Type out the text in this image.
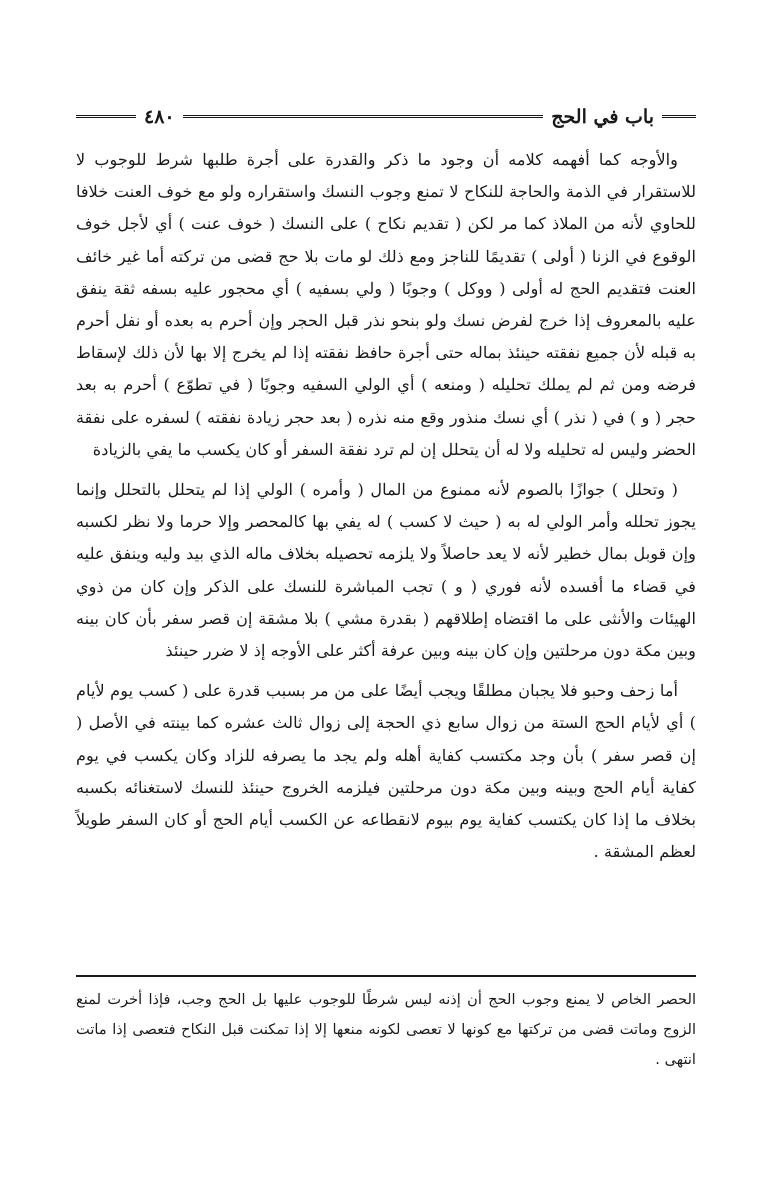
باب في الحج
٤٨٠

والأوجه كما أفهمه كلامه أن وجود ما ذكر والقدرة على أجرة طلبها شرط للوجوب لا للاستقرار في الذمة والحاجة للنكاح لا تمنع وجوب النسك واستقراره ولو مع خوف العنت خلافا للحاوي لأنه من الملاذ كما مر لكن ( تقديم نكاح ) على النسك ( خوف عنت ) أي لأجل خوف الوقوع في الزنا ( أولى ) تقديمًا للناجز ومع ذلك لو مات بلا حج قضى من تركته أما غير خائف العنت فتقديم الحج له أولى ( ووكل ) وجوبًا ( ولي بسفيه ) أي محجور عليه بسفه ثقة ينفق عليه بالمعروف إذا خرج لفرض نسك ولو بنحو نذر قبل الحجر وإن أحرم به بعده أو نفل أحرم به قبله لأن جميع نفقته حينئذ بماله حتى أجرة حافظ نفقته إذا لم يخرج إلا بها لأن ذلك لإسقاط فرضه ومن ثم لم يملك تحليله ( ومنعه ) أي الولي السفيه وجوبًا ( في تطوّع ) أحرم به بعد حجر ( و ) في ( نذر ) أي نسك منذور وقع منه نذره ( بعد حجر زيادة نفقته ) لسفره على نفقة الحضر وليس له تحليله ولا له أن يتحلل إن لم ترد نفقة السفر أو كان يكسب ما يفي بالزيادة

( وتحلل ) جوازًا بالصوم لأنه ممنوع من المال ( وأمره ) الولي إذا لم يتحلل بالتحلل وإنما يجوز تحلله وأمر الولي له به ( حيث لا كسب ) له يفي بها كالمحصر وإلا حرما ولا نظر لكسبه وإن قوبل بمال خطير لأنه لا يعد حاصلاً ولا يلزمه تحصيله بخلاف ماله الذي بيد وليه وينفق عليه في قضاء ما أفسده لأنه فوري ( و ) تجب المباشرة للنسك على الذكر وإن كان من ذوي الهيئات والأنثى على ما اقتضاه إطلاقهم ( بقدرة مشي ) بلا مشقة إن قصر سفر بأن كان بينه وبين مكة دون مرحلتين وإن كان بينه وبين عرفة أكثر على الأوجه إذ لا ضرر حينئذ

أما زحف وحبو فلا يجبان مطلقًا ويجب أيضًا على من مر بسبب قدرة على ( كسب يوم لأيام ) أي لأيام الحج الستة من زوال سابع ذي الحجة إلى زوال ثالث عشره كما بينته في الأصل ( إن قصر سفر ) بأن وجد مكتسب كفاية أهله ولم يجد ما يصرفه للزاد وكان يكسب في يوم كفاية أيام الحج وبينه وبين مكة دون مرحلتين فيلزمه الخروج حينئذ للنسك لاستغنائه بكسبه بخلاف ما إذا كان يكتسب كفاية يوم بيوم لانقطاعه عن الكسب أيام الحج أو كان السفر طويلاً لعظم المشقة .

الحصر الخاص لا يمنع وجوب الحج أن إذنه ليس شرطًا للوجوب عليها بل الحج وجب، فإذا أخرت لمنع الزوج وماتت قضى من تركتها مع كونها لا تعصى لكونه منعها إلا إذا تمكنت قبل النكاح فتعصى إذا ماتت انتهى .
